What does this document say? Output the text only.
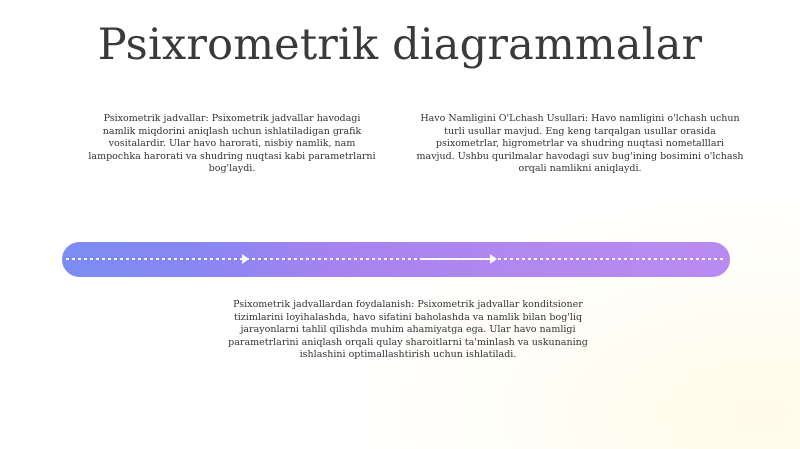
Psixrometrik diagrammalar
Psixometrik jadvallar: Psixometrik jadvallar havodagi namlik miqdorini aniqlash uchun ishlatiladigan grafik vositalardir. Ular havo harorati, nisbiy namlik, nam lampochka harorati va shudring nuqtasi kabi parametrlarni bog'laydi.
Havo Namligini O'Lchash Usullari: Havo namligini o'lchash uchun turli usullar mavjud. Eng keng tarqalgan usullar orasida psixometrlar, higrometrlar va shudring nuqtasi nometalllari mavjud. Ushbu qurilmalar havodagi suv bug'ining bosimini o'lchash orqali namlikni aniqlaydi.
Psixometrik jadvallardan foydalanish: Psixometrik jadvallar konditsioner tizimlarini loyihalashda, havo sifatini baholashda va namlik bilan bog'liq jarayonlarni tahlil qilishda muhim ahamiyatga ega. Ular havo namligi parametrlarini aniqlash orqali qulay sharoitlarni ta'minlash va uskunaning ishlashini optimallashtirish uchun ishlatiladi.
